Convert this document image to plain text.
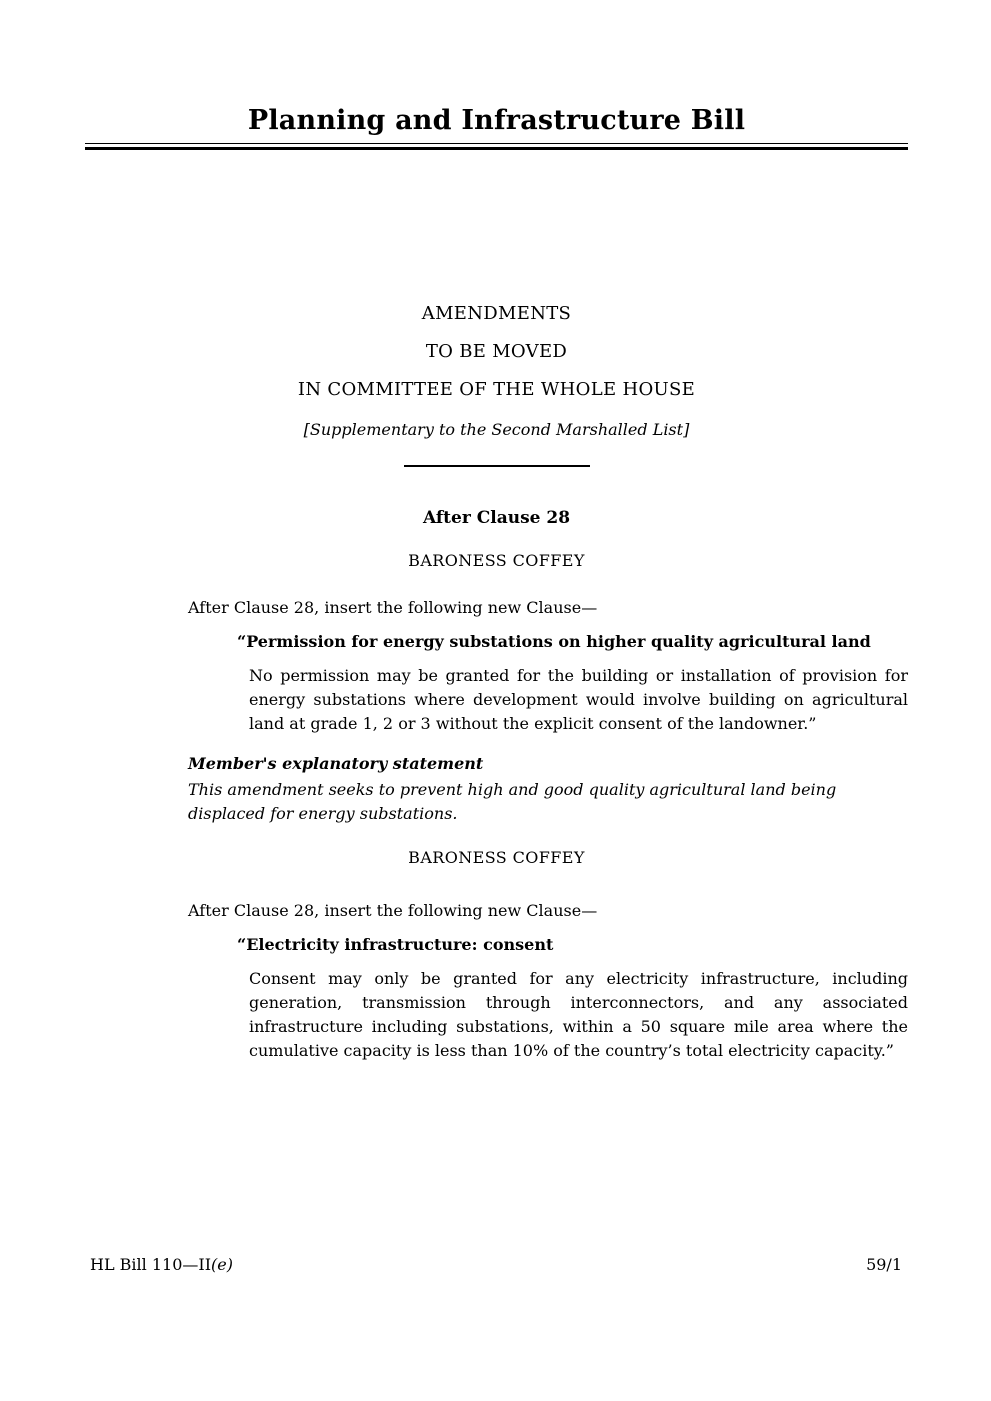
Planning and Infrastructure Bill
AMENDMENTS
TO BE MOVED
IN COMMITTEE OF THE WHOLE HOUSE
[Supplementary to the Second Marshalled List]
After Clause 28
BARONESS COFFEY
After Clause 28, insert the following new Clause—
“Permission for energy substations on higher quality agricultural land
No permission may be granted for the building or installation of provision for energy substations where development would involve building on agricultural land at grade 1, 2 or 3 without the explicit consent of the landowner.”
Member's explanatory statement
This amendment seeks to prevent high and good quality agricultural land being displaced for energy substations.
BARONESS COFFEY
After Clause 28, insert the following new Clause—
“Electricity infrastructure: consent
Consent may only be granted for any electricity infrastructure, including generation, transmission through interconnectors, and any associated infrastructure including substations, within a 50 square mile area where the cumulative capacity is less than 10% of the country’s total electricity capacity.”
HL Bill 110—II(e)	59/1
